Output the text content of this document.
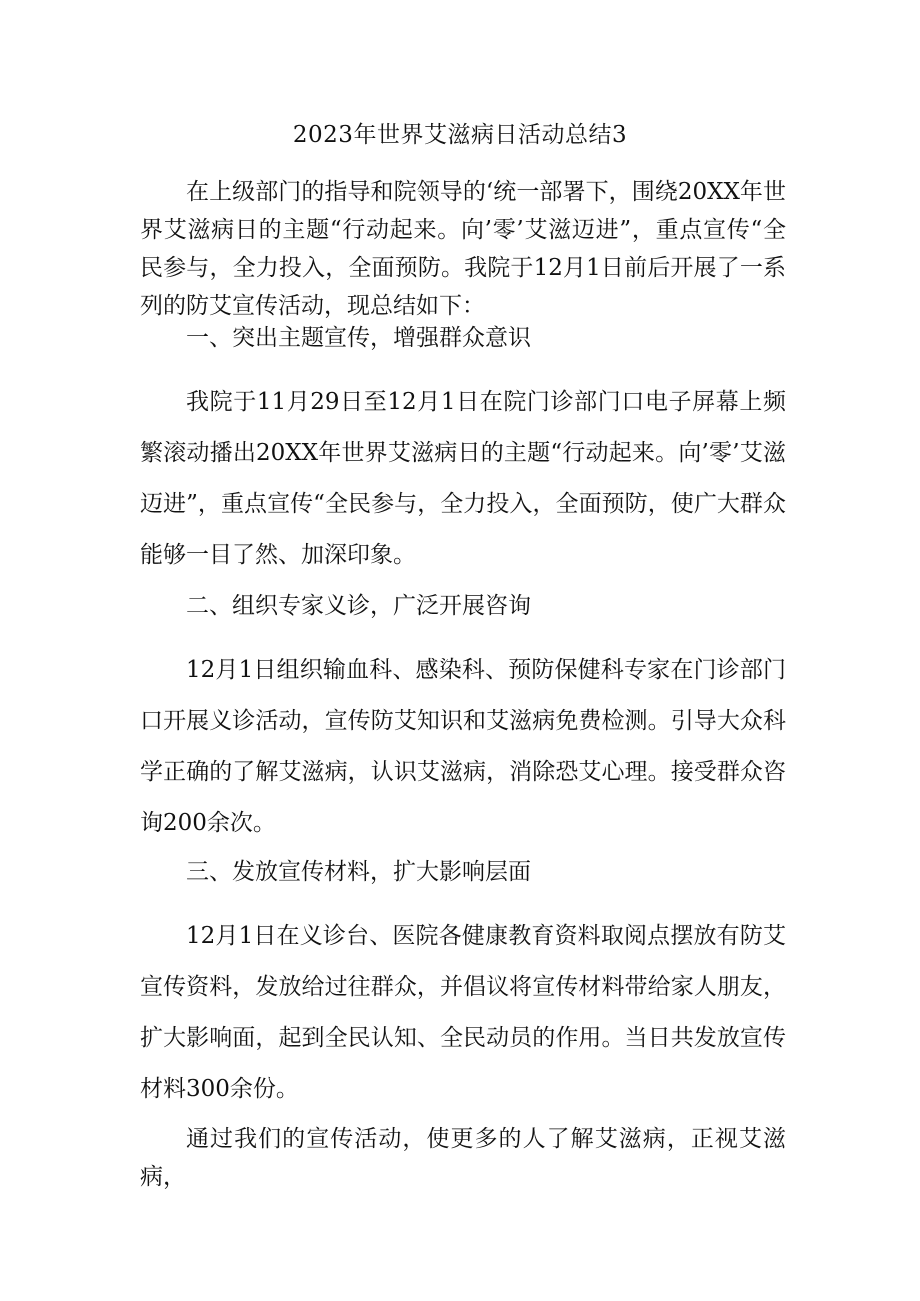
2023年世界艾滋病日活动总结3

在上级部门的指导和院领导的‘统一部署下，围绕20XX年世界艾滋病日的主题“行动起来。向’零’艾滋迈进”，重点宣传“全民参与，全力投入，全面预防。我院于12月1日前后开展了一系列的防艾宣传活动，现总结如下：

一、突出主题宣传，增强群众意识

我院于11月29日至12月1日在院门诊部门口电子屏幕上频繁滚动播出20XX年世界艾滋病日的主题“行动起来。向’零’艾滋迈进”，重点宣传“全民参与，全力投入，全面预防，使广大群众能够一目了然、加深印象。

二、组织专家义诊，广泛开展咨询

12月1日组织输血科、感染科、预防保健科专家在门诊部门口开展义诊活动，宣传防艾知识和艾滋病免费检测。引导大众科学正确的了解艾滋病，认识艾滋病，消除恐艾心理。接受群众咨询200余次。

三、发放宣传材料，扩大影响层面

12月1日在义诊台、医院各健康教育资料取阅点摆放有防艾宣传资料，发放给过往群众，并倡议将宣传材料带给家人朋友，扩大影响面，起到全民认知、全民动员的作用。当日共发放宣传材料300余份。

通过我们的宣传活动，使更多的人了解艾滋病，正视艾滋病，
